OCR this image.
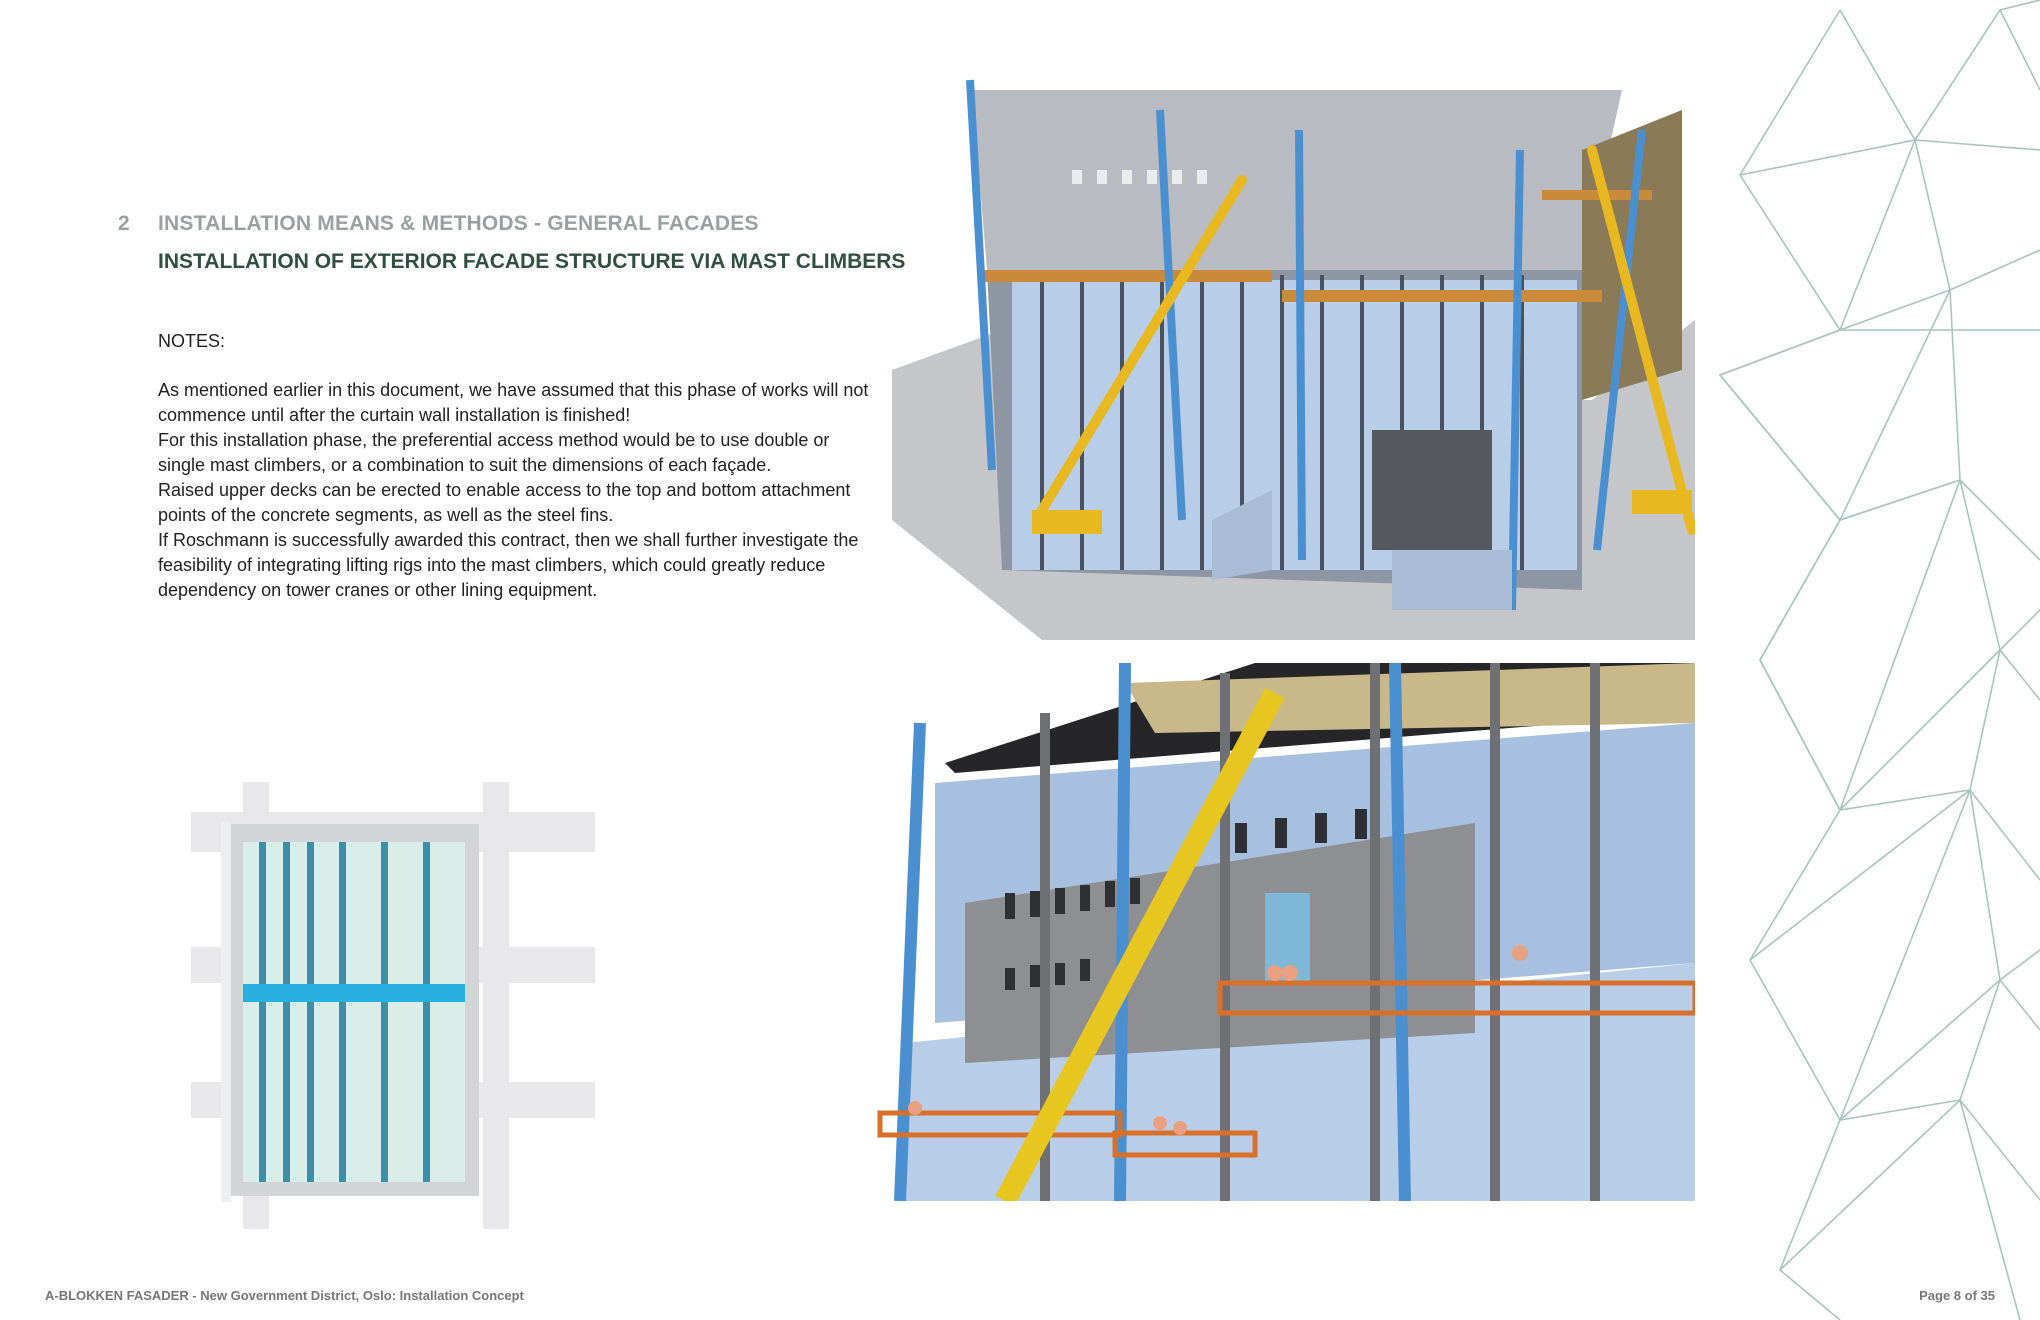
2 INSTALLATION MEANS & METHODS - GENERAL FACADES
INSTALLATION OF EXTERIOR FACADE STRUCTURE VIA MAST CLIMBERS
NOTES:

As mentioned earlier in this document, we have assumed that this phase of works will not commence until after the curtain wall installation is finished!

For this installation phase, the preferential access method would be to use double or single mast climbers, or a combination to suit the dimensions of each façade.

Raised upper decks can be erected to enable access to the top and bottom attachment points of the concrete segments, as well as the steel fins.

If Roschmann is successfully awarded this contract, then we shall further investigate the feasibility of integrating lifting rigs into the mast climbers, which could greatly reduce dependency on tower cranes or other lining equipment.

A-BLOKKEN FASADER - New Government District, Oslo: Installation Concept	Page 8 of 35
